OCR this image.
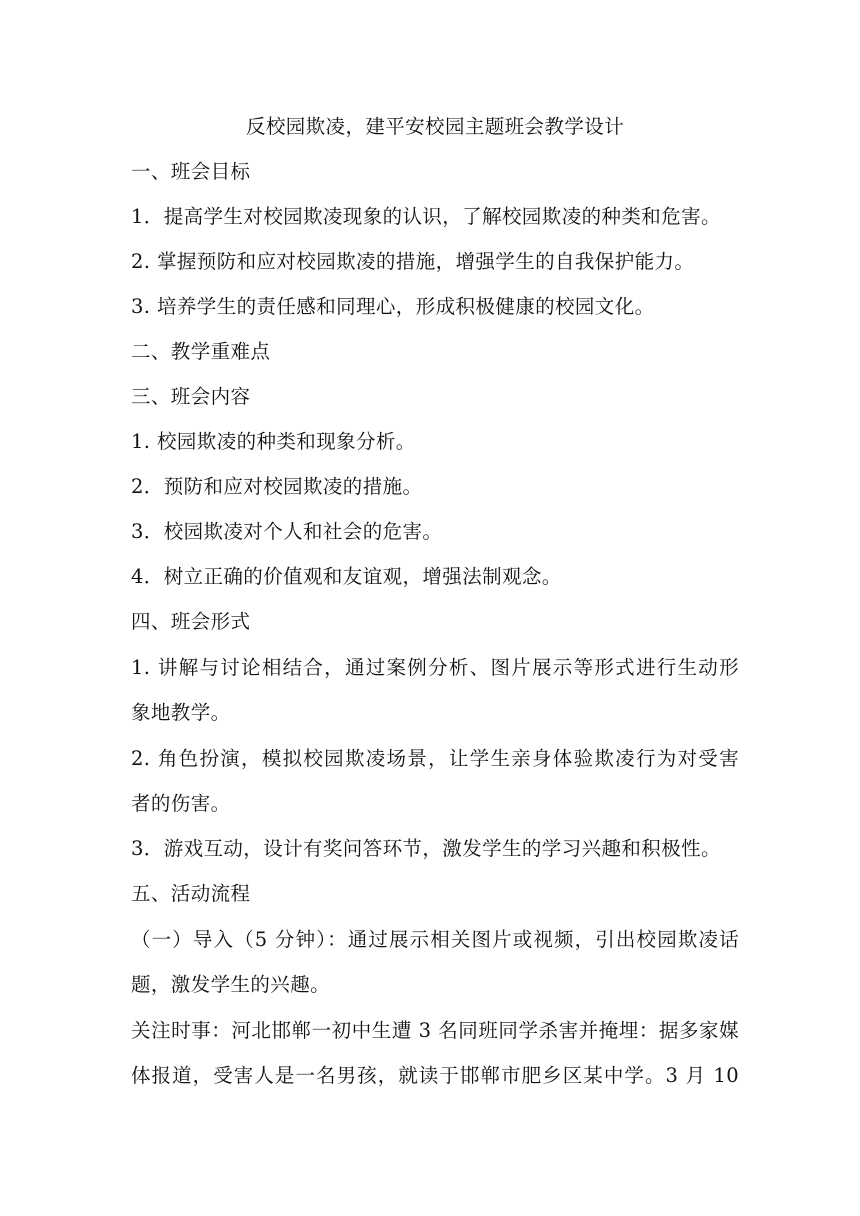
反校园欺凌，建平安校园主题班会教学设计
一、班会目标
1．提高学生对校园欺凌现象的认识，了解校园欺凌的种类和危害。
2. 掌握预防和应对校园欺凌的措施，增强学生的自我保护能力。
3. 培养学生的责任感和同理心，形成积极健康的校园文化。
二、教学重难点
三、班会内容
1. 校园欺凌的种类和现象分析。
2．预防和应对校园欺凌的措施。
3．校园欺凌对个人和社会的危害。
4．树立正确的价值观和友谊观，增强法制观念。
四、班会形式
1. 讲解与讨论相结合，通过案例分析、图片展示等形式进行生动形
象地教学。
2. 角色扮演，模拟校园欺凌场景，让学生亲身体验欺凌行为对受害
者的伤害。
3．游戏互动，设计有奖问答环节，激发学生的学习兴趣和积极性。
五、活动流程
（一）导入（5 分钟）：通过展示相关图片或视频，引出校园欺凌话
题，激发学生的兴趣。
关注时事：河北邯郸一初中生遭 3 名同班同学杀害并掩埋：据多家媒
体报道，受害人是一名男孩，就读于邯郸市肥乡区某中学。3 月 10
